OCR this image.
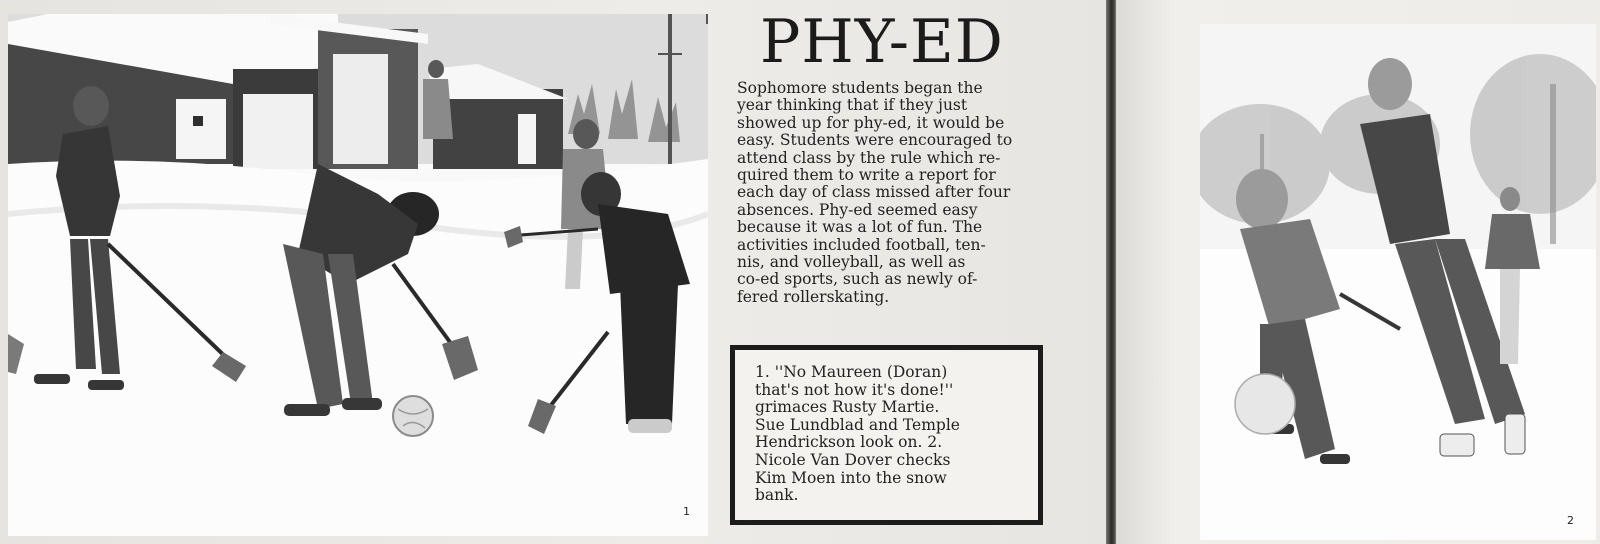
1
PHY-ED

Sophomore students began the
year thinking that if they just
showed up for phy-ed, it would be
easy. Students were encouraged to
attend class by the rule which re-
quired them to write a report for
each day of class missed after four
absences. Phy-ed seemed easy
because it was a lot of fun. The
activities included football, ten-
nis, and volleyball, as well as
co-ed sports, such as newly of-
fered rollerskating.

1. ''No Maureen (Doran)
that's not how it's done!''
grimaces Rusty Martie.
Sue Lundblad and Temple
Hendrickson look on. 2.
Nicole Van Dover checks
Kim Moen into the snow
bank.

2
